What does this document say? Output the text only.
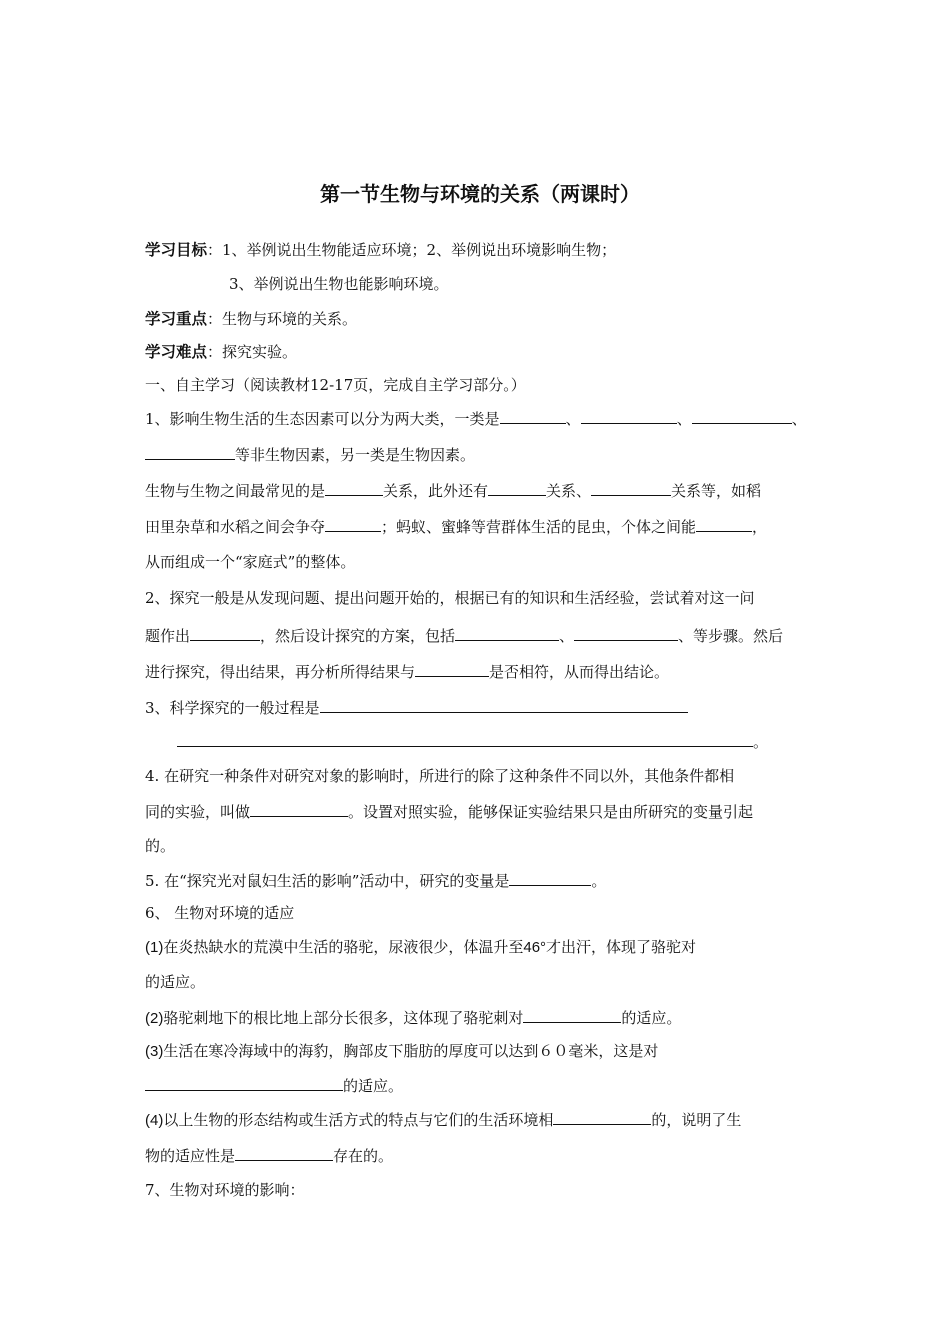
第一节生物与环境的关系（两课时）
学习目标：1、举例说出生物能适应环境；2、举例说出环境影响生物；
3、举例说出生物也能影响环境。
学习重点：生物与环境的关系。
学习难点：探究实验。
一、自主学习（阅读教材12-17页，完成自主学习部分。）
1、影响生物生活的生态因素可以分为两大类，一类是	、	、	、
等非生物因素，另一类是生物因素。
生物与生物之间最常见的是	关系，此外还有	关系、	关系等，如稻
田里杂草和水稻之间会争夺	；蚂蚁、蜜蜂等营群体生活的昆虫，个体之间能	，
从而组成一个“家庭式”的整体。
2、探究一般是从发现问题、提出问题开始的，根据已有的知识和生活经验，尝试着对这一问
题作出	，然后设计探究的方案，包括	、	、等步骤。然后
进行探究，得出结果，再分析所得结果与	是否相符，从而得出结论。
3、科学探究的一般过程是
。
4. 在研究一种条件对研究对象的影响时，所进行的除了这种条件不同以外，其他条件都相
同的实验，叫做	。设置对照实验，能够保证实验结果只是由所研究的变量引起
的。
5. 在“探究光对鼠妇生活的影响”活动中，研究的变量是	。
6、 生物对环境的适应
(1)在炎热缺水的荒漠中生活的骆驼，尿液很少，体温升至46°才出汗，体现了骆驼对
的适应。
(2)骆驼刺地下的根比地上部分长很多，这体现了骆驼刺对	的适应。
(3)生活在寒冷海域中的海豹，胸部皮下脂肪的厚度可以达到６０毫米，这是对
的适应。
(4)以上生物的形态结构或生活方式的特点与它们的生活环境相	的，说明了生
物的适应性是	存在的。
7、生物对环境的影响：
